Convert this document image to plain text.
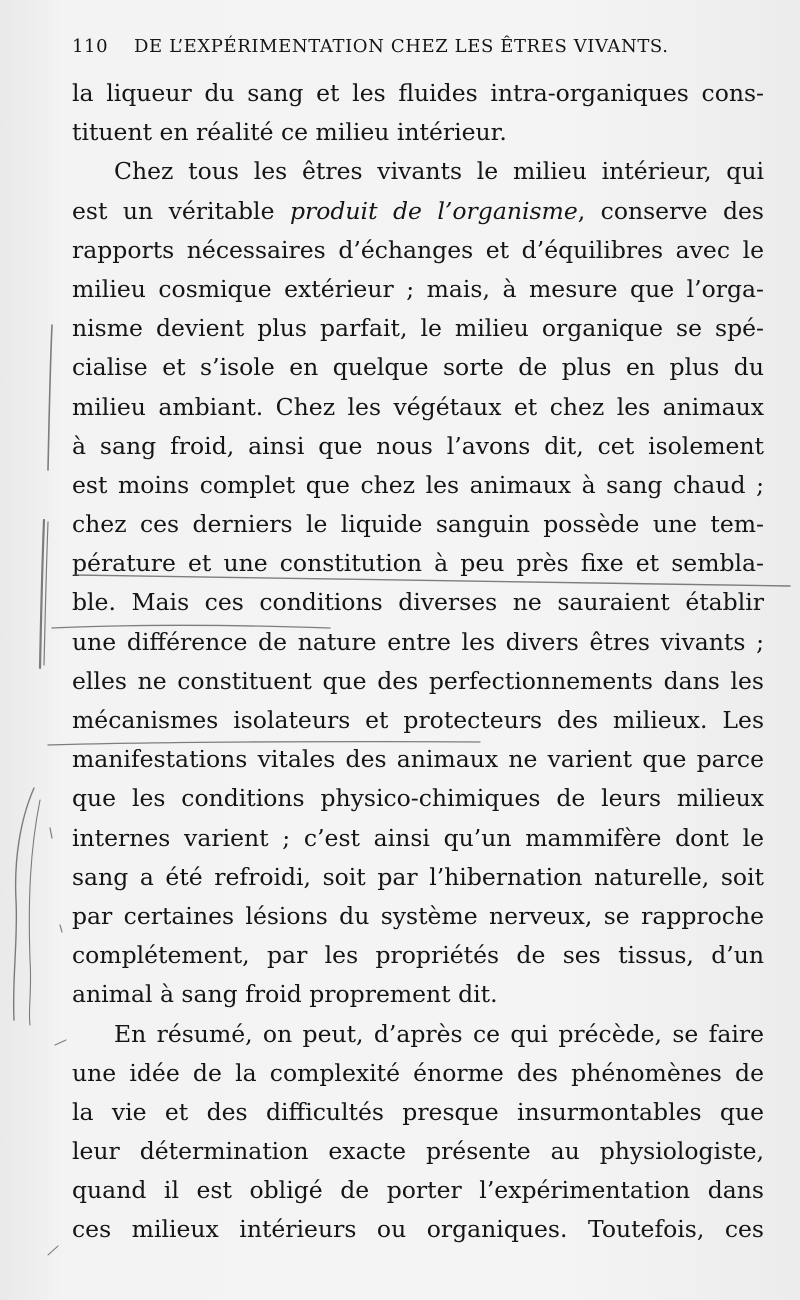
110 DE L’EXPÉRIMENTATION CHEZ LES ÊTRES VIVANTS.
la liqueur du sang et les fluides intra-organiques cons-
tituent en réalité ce milieu intérieur.
Chez tous les êtres vivants le milieu intérieur, qui
est un véritable produit de l’organisme, conserve des
rapports nécessaires d’échanges et d’équilibres avec le
milieu cosmique extérieur ; mais, à mesure que l’orga-
nisme devient plus parfait, le milieu organique se spé-
cialise et s’isole en quelque sorte de plus en plus du
milieu ambiant. Chez les végétaux et chez les animaux
à sang froid, ainsi que nous l’avons dit, cet isolement
est moins complet que chez les animaux à sang chaud ;
chez ces derniers le liquide sanguin possède une tem-
pérature et une constitution à peu près fixe et sembla-
ble. Mais ces conditions diverses ne sauraient établir
une différence de nature entre les divers êtres vivants ;
elles ne constituent que des perfectionnements dans les
mécanismes isolateurs et protecteurs des milieux. Les
manifestations vitales des animaux ne varient que parce
que les conditions physico-chimiques de leurs milieux
internes varient ; c’est ainsi qu’un mammifère dont le
sang a été refroidi, soit par l’hibernation naturelle, soit
par certaines lésions du système nerveux, se rapproche
complétement, par les propriétés de ses tissus, d’un
animal à sang froid proprement dit.
En résumé, on peut, d’après ce qui précède, se faire
une idée de la complexité énorme des phénomènes de
la vie et des difficultés presque insurmontables que
leur détermination exacte présente au physiologiste,
quand il est obligé de porter l’expérimentation dans
ces milieux intérieurs ou organiques. Toutefois, ces
